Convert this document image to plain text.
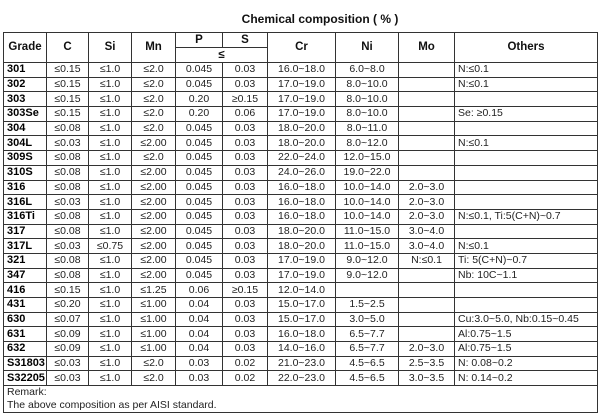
Chemical composition ( % )
Grade	C	Si	Mn	P	S	Cr	Ni	Mo	Others
				≤					
301	≤0.15	≤1.0	≤2.0	0.045	0.03	16.0~18.0	6.0~8.0		N:≤0.1
302	≤0.15	≤1.0	≤2.0	0.045	0.03	17.0~19.0	8.0~10.0		N:≤0.1
303	≤0.15	≤1.0	≤2.0	0.20	≥0.15	17.0~19.0	8.0~10.0		
303Se	≤0.15	≤1.0	≤2.0	0.20	0.06	17.0~19.0	8.0~10.0		Se: ≥0.15
304	≤0.08	≤1.0	≤2.0	0.045	0.03	18.0~20.0	8.0~11.0		
304L	≤0.03	≤1.0	≤2.00	0.045	0.03	18.0~20.0	8.0~12.0		N:≤0.1
309S	≤0.08	≤1.0	≤2.0	0.045	0.03	22.0~24.0	12.0~15.0		
310S	≤0.08	≤1.0	≤2.00	0.045	0.03	24.0~26.0	19.0~22.0		
316	≤0.08	≤1.0	≤2.00	0.045	0.03	16.0~18.0	10.0~14.0	2.0~3.0	
316L	≤0.03	≤1.0	≤2.00	0.045	0.03	16.0~18.0	10.0~14.0	2.0~3.0	
316Ti	≤0.08	≤1.0	≤2.00	0.045	0.03	16.0~18.0	10.0~14.0	2.0~3.0	N:≤0.1, Ti:5(C+N)~0.7
317	≤0.08	≤1.0	≤2.00	0.045	0.03	18.0~20.0	11.0~15.0	3.0~4.0	
317L	≤0.03	≤0.75	≤2.00	0.045	0.03	18.0~20.0	11.0~15.0	3.0~4.0	N:≤0.1
321	≤0.08	≤1.0	≤2.00	0.045	0.03	17.0~19.0	9.0~12.0	N:≤0.1	Ti: 5(C+N)~0.7
347	≤0.08	≤1.0	≤2.00	0.045	0.03	17.0~19.0	9.0~12.0		Nb: 10C~1.1
416	≤0.15	≤1.0	≤1.25	0.06	≥0.15	12.0~14.0			
431	≤0.20	≤1.0	≤1.00	0.04	0.03	15.0~17.0	1.5~2.5		
630	≤0.07	≤1.0	≤1.00	0.04	0.03	15.0~17.0	3.0~5.0		Cu:3.0~5.0, Nb:0.15~0.45
631	≤0.09	≤1.0	≤1.00	0.04	0.03	16.0~18.0	6.5~7.7		Al:0.75~1.5
632	≤0.09	≤1.0	≤1.00	0.04	0.03	14.0~16.0	6.5~7.7	2.0~3.0	Al:0.75~1.5
S31803	≤0.03	≤1.0	≤2.0	0.03	0.02	21.0~23.0	4.5~6.5	2.5~3.5	N: 0.08~0.2
S32205	≤0.03	≤1.0	≤2.0	0.03	0.02	22.0~23.0	4.5~6.5	3.0~3.5	N: 0.14~0.2
Remark:									
The above composition as per AISI standard.									
